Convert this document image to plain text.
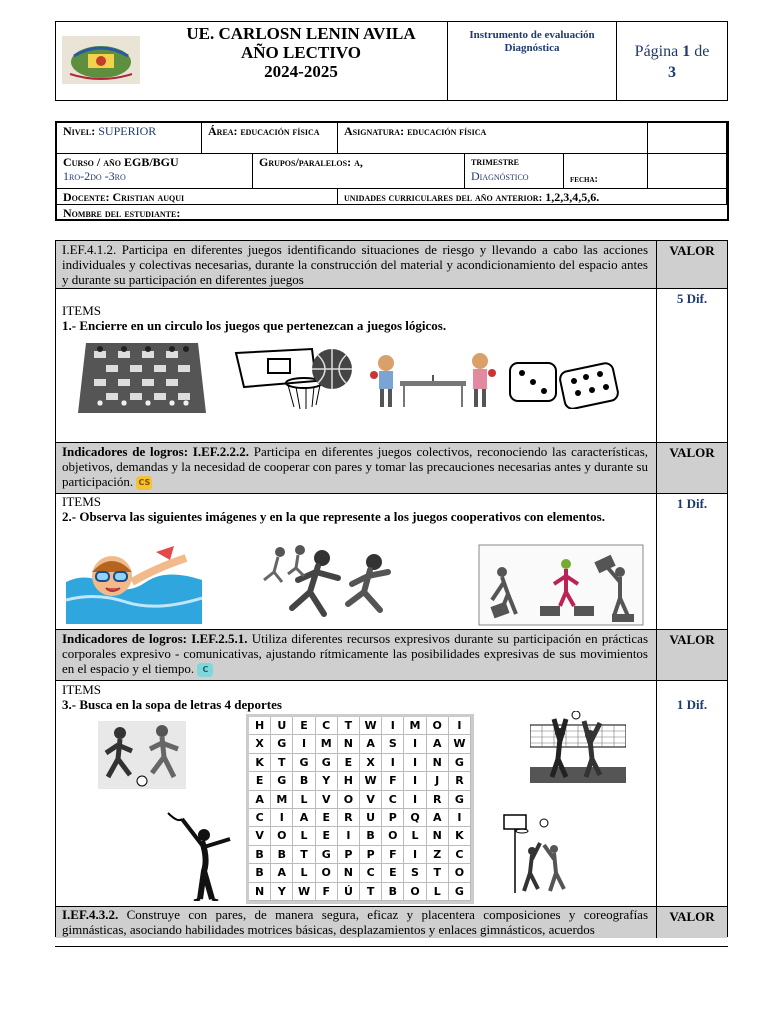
UE. CARLOSN LENIN AVILA
AÑO LECTIVO
2024-2025
Instrumento de evaluación
Diagnóstica	Página 1 de
3
Nivel: SUPERIOR	Área: educación física	Asignatura: educación física
Curso / año EGB/BGU
1ro-2do -3ro
Grupos/paralelos: a,	trimestre
Diagnóstico	fecha:
Docente: Cristian auqui	unidades curriculares del año anterior: 1,2,3,4,5,6.
Nombre del estudiante:
I.EF.4.1.2. Participa en diferentes juegos identificando situaciones de riesgo y llevando a cabo las acciones individuales y colectivas necesarias, durante la construcción del material y acondicionamiento del espacio antes y durante su participación en diferentes juegos
VALOR
ITEMS
1.- Encierre en un circulo los juegos que pertenezcan a juegos lógicos.
5 Dif.
Indicadores de logros: I.EF.2.2.2. Participa en diferentes juegos colectivos, reconociendo las características, objetivos, demandas y la necesidad de cooperar con pares y tomar las precauciones necesarias antes y durante su participación. CS
VALOR
ITEMS
2.- Observa las siguientes imágenes y en la que represente a los juegos cooperativos con elementos.
1 Dif.
Indicadores de logros: I.EF.2.5.1. Utiliza diferentes recursos expresivos durante su participación en prácticas corporales expresivo - comunicativas, ajustando rítmicamente las posibilidades expresivas de sus movimientos en el espacio y el tiempo. C
VALOR
ITEMS
3.- Busca en la sopa de letras 4 deportes	1 Dif.
H	U	E	C	T	W	I	M	O	I
X	G	I	M	N	A	S	I	A	W
K	T	G	G	E	X	I	I	N	G
E	G	B	Y	H	W	F	I	J	R
A	M	L	V	O	V	C	I	R	G
C	I	A	E	R	U	P	Q	A	I
V	O	L	E	I	B	O	L	N	K
B	B	T	G	P	P	F	I	Z	C
B	A	L	O	N	C	E	S	T	O
N	Y	W	F	Ú	T	B	O	L	G
I.EF.4.3.2. Construye con pares, de manera segura, eficaz y placentera composiciones y coreografías gimnásticas, asociando habilidades motrices básicas, desplazamientos y enlaces gimnásticos, acuerdos
VALOR
